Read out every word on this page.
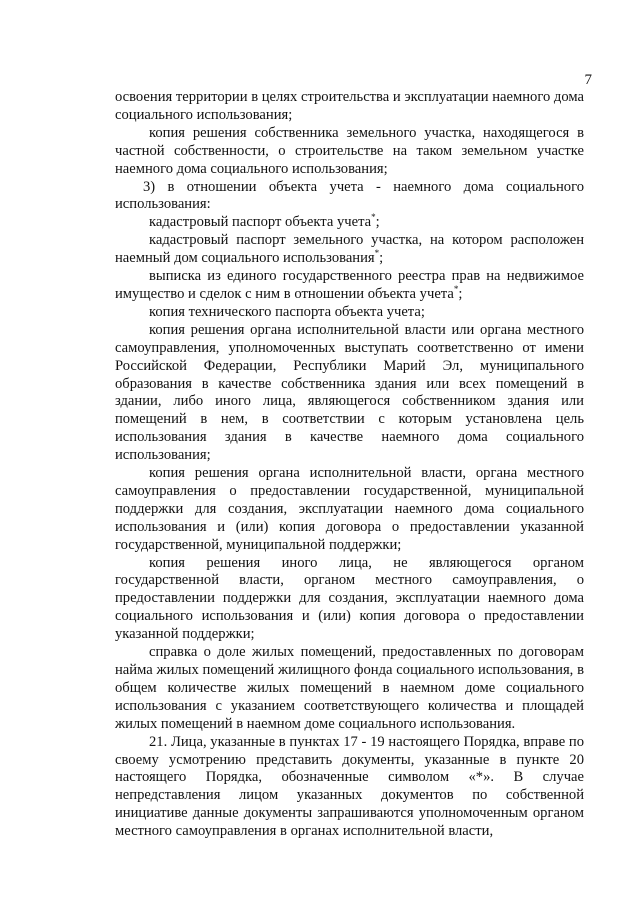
7

освоения территории в целях строительства и эксплуатации наемного дома социального использования;

копия решения собственника земельного участка, находящегося в частной собственности, о строительстве на таком земельном участке наемного дома социального использования;

3) в отношении объекта учета - наемного дома социального использования:

кадастровый паспорт объекта учета*;

кадастровый паспорт земельного участка, на котором расположен наемный дом социального использования*;

выписка из единого государственного реестра прав на недвижимое имущество и сделок с ним в отношении объекта учета*;

копия технического паспорта объекта учета;

копия решения органа исполнительной власти или органа местного самоуправления, уполномоченных выступать соответственно от имени Российской Федерации, Республики Марий Эл, муниципального образования в качестве собственника здания или всех помещений в здании, либо иного лица, являющегося собственником здания или помещений в нем, в соответствии с которым установлена цель использования здания в качестве наемного дома социального использования;

копия решения органа исполнительной власти, органа местного самоуправления о предоставлении государственной, муниципальной поддержки для создания, эксплуатации наемного дома социального использования и (или) копия договора о предоставлении указанной государственной, муниципальной поддержки;

копия решения иного лица, не являющегося органом государственной власти, органом местного самоуправления, о предоставлении поддержки для создания, эксплуатации наемного дома социального использования и (или) копия договора о предоставлении указанной поддержки;

справка о доле жилых помещений, предоставленных по договорам найма жилых помещений жилищного фонда социального использования, в общем количестве жилых помещений в наемном доме социального использования с указанием соответствующего количества и площадей жилых помещений в наемном доме социального использования.

21. Лица, указанные в пунктах 17 - 19 настоящего Порядка, вправе по своему усмотрению представить документы, указанные в пункте 20 настоящего Порядка, обозначенные символом «*». В случае непредставления лицом указанных документов по собственной инициативе данные документы запрашиваются уполномоченным органом местного самоуправления в органах исполнительной власти,
